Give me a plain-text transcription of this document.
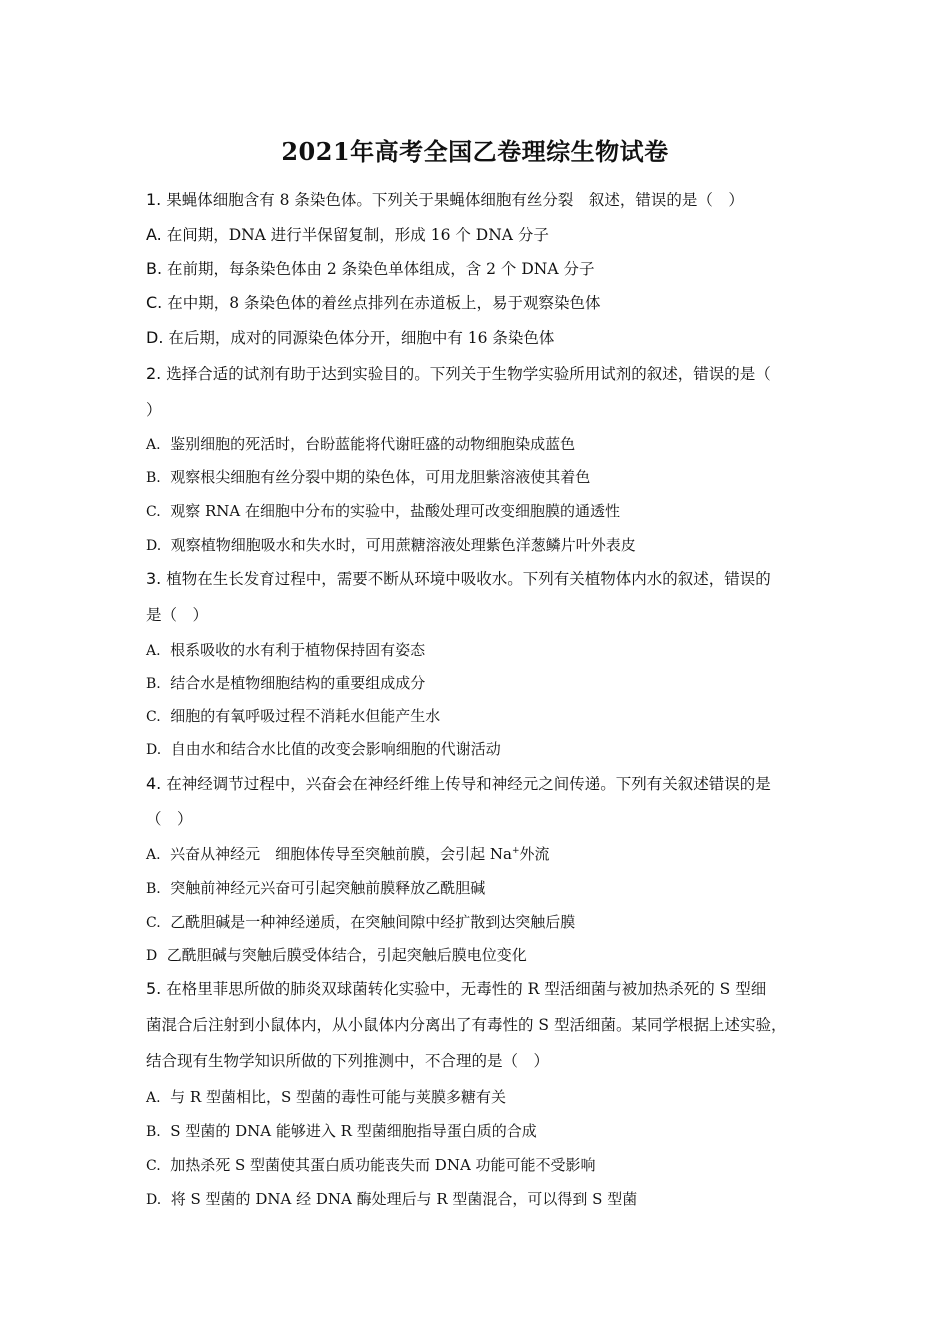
2021年高考全国乙卷理综生物试卷
1. 果蝇体细胞含有 8 条染色体。下列关于果蝇体细胞有丝分裂　叙述，错误的是（　）
A. 在间期，DNA 进行半保留复制，形成 16 个 DNA 分子
B. 在前期，每条染色体由 2 条染色单体组成，含 2 个 DNA 分子
C. 在中期，8 条染色体的着丝点排列在赤道板上，易于观察染色体
D. 在后期，成对的同源染色体分开，细胞中有 16 条染色体
2. 选择合适的试剂有助于达到实验目的。下列关于生物学实验所用试剂的叙述，错误的是（
）
A. 鉴别细胞的死活时，台盼蓝能将代谢旺盛的动物细胞染成蓝色
B. 观察根尖细胞有丝分裂中期的染色体，可用龙胆紫溶液使其着色
C. 观察 RNA 在细胞中分布的实验中，盐酸处理可改变细胞膜的通透性
D. 观察植物细胞吸水和失水时，可用蔗糖溶液处理紫色洋葱鳞片叶外表皮
3. 植物在生长发育过程中，需要不断从环境中吸收水。下列有关植物体内水的叙述，错误的
是（　）
A. 根系吸收的水有利于植物保持固有姿态
B. 结合水是植物细胞结构的重要组成成分
C. 细胞的有氧呼吸过程不消耗水但能产生水
D. 自由水和结合水比值的改变会影响细胞的代谢活动
4. 在神经调节过程中，兴奋会在神经纤维上传导和神经元之间传递。下列有关叙述错误的是
（　）
A. 兴奋从神经元　细胞体传导至突触前膜，会引起 Na+外流
B. 突触前神经元兴奋可引起突触前膜释放乙酰胆碱
C. 乙酰胆碱是一种神经递质，在突触间隙中经扩散到达突触后膜
D 乙酰胆碱与突触后膜受体结合，引起突触后膜电位变化
5. 在格里菲思所做的肺炎双球菌转化实验中，无毒性的 R 型活细菌与被加热杀死的 S 型细
菌混合后注射到小鼠体内，从小鼠体内分离出了有毒性的 S 型活细菌。某同学根据上述实验，
结合现有生物学知识所做的下列推测中，不合理的是（　）
A. 与 R 型菌相比，S 型菌的毒性可能与荚膜多糖有关
B. S 型菌的 DNA 能够进入 R 型菌细胞指导蛋白质的合成
C. 加热杀死 S 型菌使其蛋白质功能丧失而 DNA 功能可能不受影响
D. 将 S 型菌的 DNA 经 DNA 酶处理后与 R 型菌混合，可以得到 S 型菌
